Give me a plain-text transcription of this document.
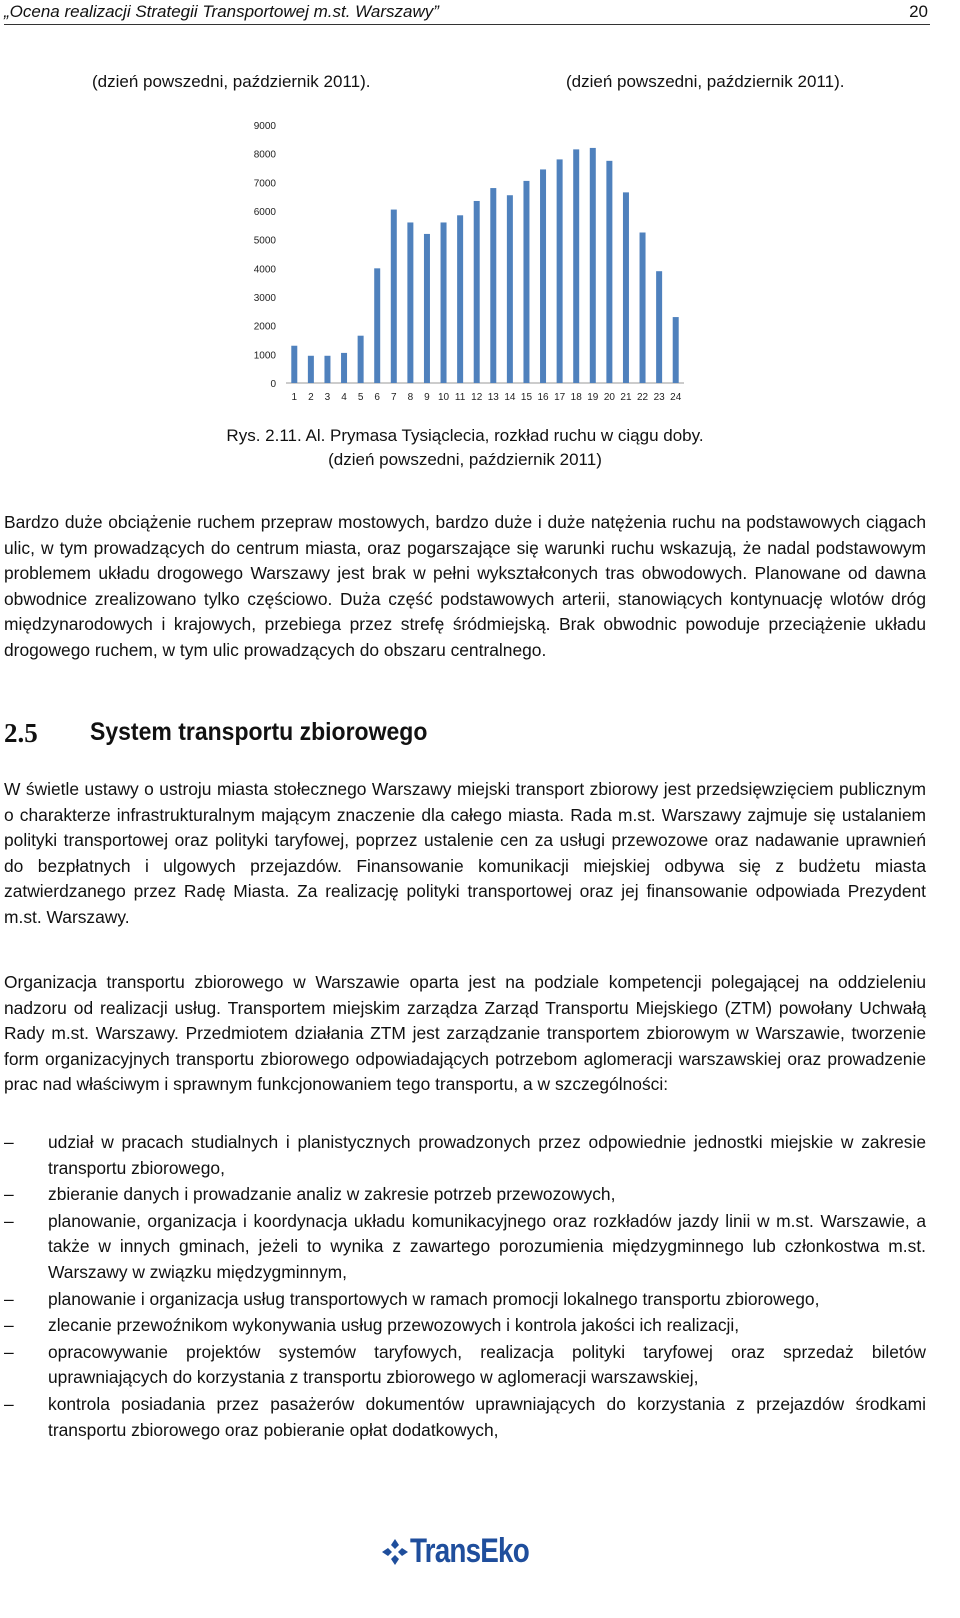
„Ocena realizacji Strategii Transportowej m.st. Warszawy”	20
(dzień powszedni, październik 2011).	(dzień powszedni, październik 2011).
0
1000
2000
3000
4000
5000
6000
7000
8000
9000
1 2 3 4 5 6 7 8 9 10 11 12 13 14 15 16 17 18 19 20 21 22 23 24
Rys. 2.11. Al. Prymasa Tysiąclecia, rozkład ruchu w ciągu doby.
(dzień powszedni, październik 2011)

Bardzo duże obciążenie ruchem przepraw mostowych, bardzo duże i duże natężenia ruchu na podstawowych ciągach ulic, w tym prowadzących do centrum miasta, oraz pogarszające się warunki ruchu wskazują, że nadal podstawowym problemem układu drogowego Warszawy jest brak w pełni wykształconych tras obwodowych. Planowane od dawna obwodnice zrealizowano tylko częściowo. Duża część podstawowych arterii, stanowiących kontynuację wlotów dróg międzynarodowych i krajowych, przebiega przez strefę śródmiejską. Brak obwodnic powoduje przeciążenie układu drogowego ruchem, w tym ulic prowadzących do obszaru centralnego.

2.5 System transportu zbiorowego

W świetle ustawy o ustroju miasta stołecznego Warszawy miejski transport zbiorowy jest przedsięwzięciem publicznym o charakterze infrastrukturalnym mającym znaczenie dla całego miasta. Rada m.st. Warszawy zajmuje się ustalaniem polityki transportowej oraz polityki taryfowej, poprzez ustalenie cen za usługi przewozowe oraz nadawanie uprawnień do bezpłatnych i ulgowych przejazdów. Finansowanie komunikacji miejskiej odbywa się z budżetu miasta zatwierdzanego przez Radę Miasta. Za realizację polityki transportowej oraz jej finansowanie odpowiada Prezydent m.st. Warszawy.

Organizacja transportu zbiorowego w Warszawie oparta jest na podziale kompetencji polegającej na oddzieleniu nadzoru od realizacji usług. Transportem miejskim zarządza Zarząd Transportu Miejskiego (ZTM) powołany Uchwałą Rady m.st. Warszawy. Przedmiotem działania ZTM jest zarządzanie transportem zbiorowym w Warszawie, tworzenie form organizacyjnych transportu zbiorowego odpowiadających potrzebom aglomeracji warszawskiej oraz prowadzenie prac nad właściwym i sprawnym funkcjonowaniem tego transportu, a w szczególności:

– udział w pracach studialnych i planistycznych prowadzonych przez odpowiednie jednostki miejskie w zakresie transportu zbiorowego,
– zbieranie danych i prowadzanie analiz w zakresie potrzeb przewozowych,
– planowanie, organizacja i koordynacja układu komunikacyjnego oraz rozkładów jazdy linii w m.st. Warszawie, a także w innych gminach, jeżeli to wynika z zawartego porozumienia międzygminnego lub członkostwa m.st. Warszawy w związku międzygminnym,
– planowanie i organizacja usług transportowych w ramach promocji lokalnego transportu zbiorowego,
– zlecanie przewoźnikom wykonywania usług przewozowych i kontrola jakości ich realizacji,
– opracowywanie projektów systemów taryfowych, realizacja polityki taryfowej oraz sprzedaż biletów uprawniających do korzystania z transportu zbiorowego w aglomeracji warszawskiej,
– kontrola posiadania przez pasażerów dokumentów uprawniających do korzystania z przejazdów środkami transportu zbiorowego oraz pobieranie opłat dodatkowych,
TransEko
